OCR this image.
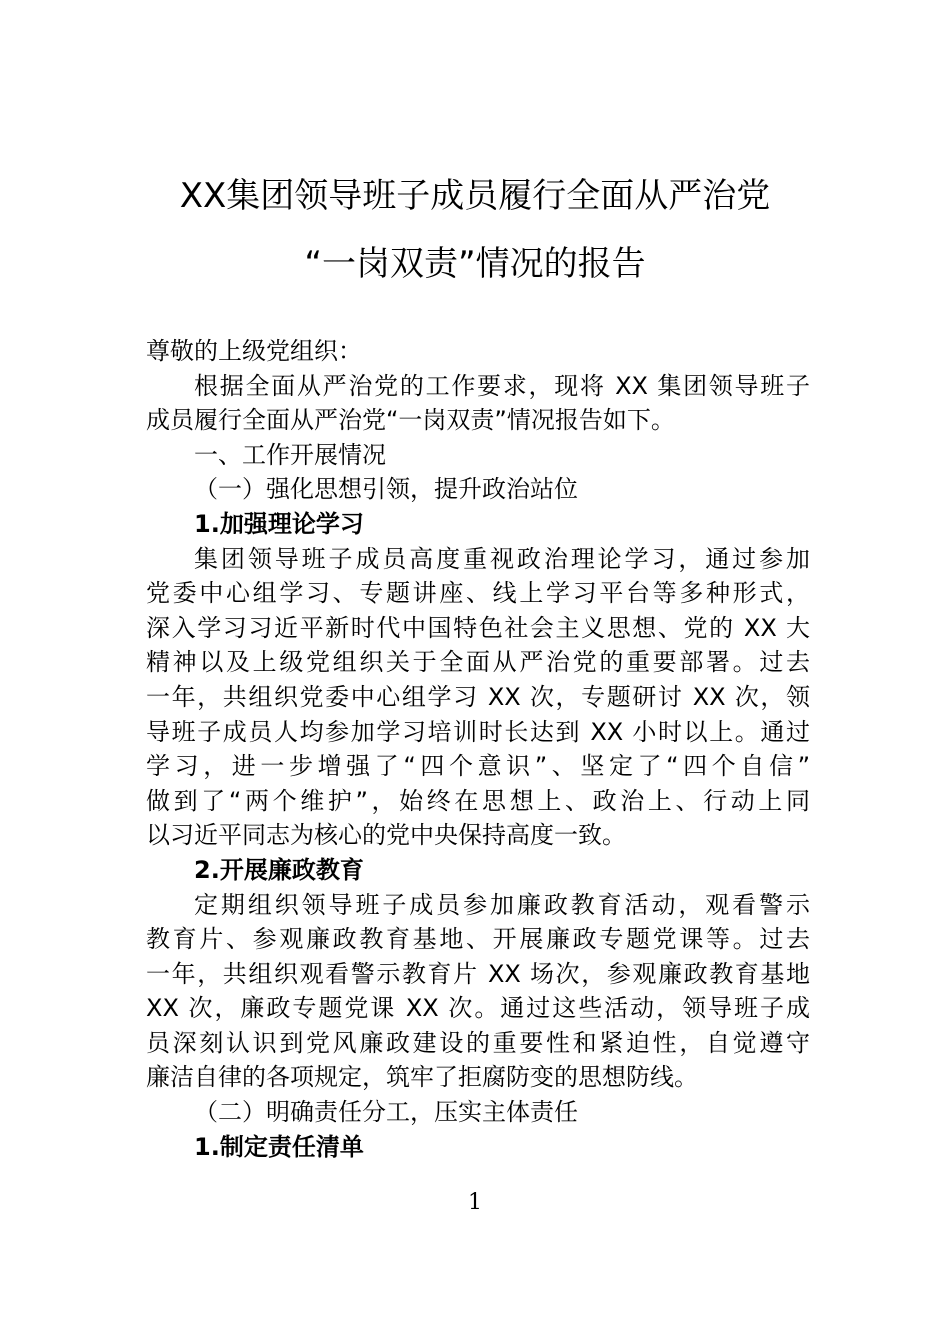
XX集团领导班子成员履行全面从严治党
“一岗双责”情况的报告
尊敬的上级党组织：
根据全面从严治党的工作要求，现将 XX 集团领导班子
成员履行全面从严治党“一岗双责”情况报告如下。
一、工作开展情况
（一）强化思想引领，提升政治站位
1.加强理论学习
集团领导班子成员高度重视政治理论学习，通过参加
党委中心组学习、专题讲座、线上学习平台等多种形式，
深入学习习近平新时代中国特色社会主义思想、党的 XX 大
精神以及上级党组织关于全面从严治党的重要部署。过去
一年，共组织党委中心组学习 XX 次，专题研讨 XX 次，领
导班子成员人均参加学习培训时长达到 XX 小时以上。通过
学习，进一步增强了“四个意识”、坚定了“四个自信”
做到了“两个维护”，始终在思想上、政治上、行动上同
以习近平同志为核心的党中央保持高度一致。
2.开展廉政教育
定期组织领导班子成员参加廉政教育活动，观看警示
教育片、参观廉政教育基地、开展廉政专题党课等。过去
一年，共组织观看警示教育片 XX 场次，参观廉政教育基地
XX 次，廉政专题党课 XX 次。通过这些活动，领导班子成
员深刻认识到党风廉政建设的重要性和紧迫性，自觉遵守
廉洁自律的各项规定，筑牢了拒腐防变的思想防线。
（二）明确责任分工，压实主体责任
1.制定责任清单
1
